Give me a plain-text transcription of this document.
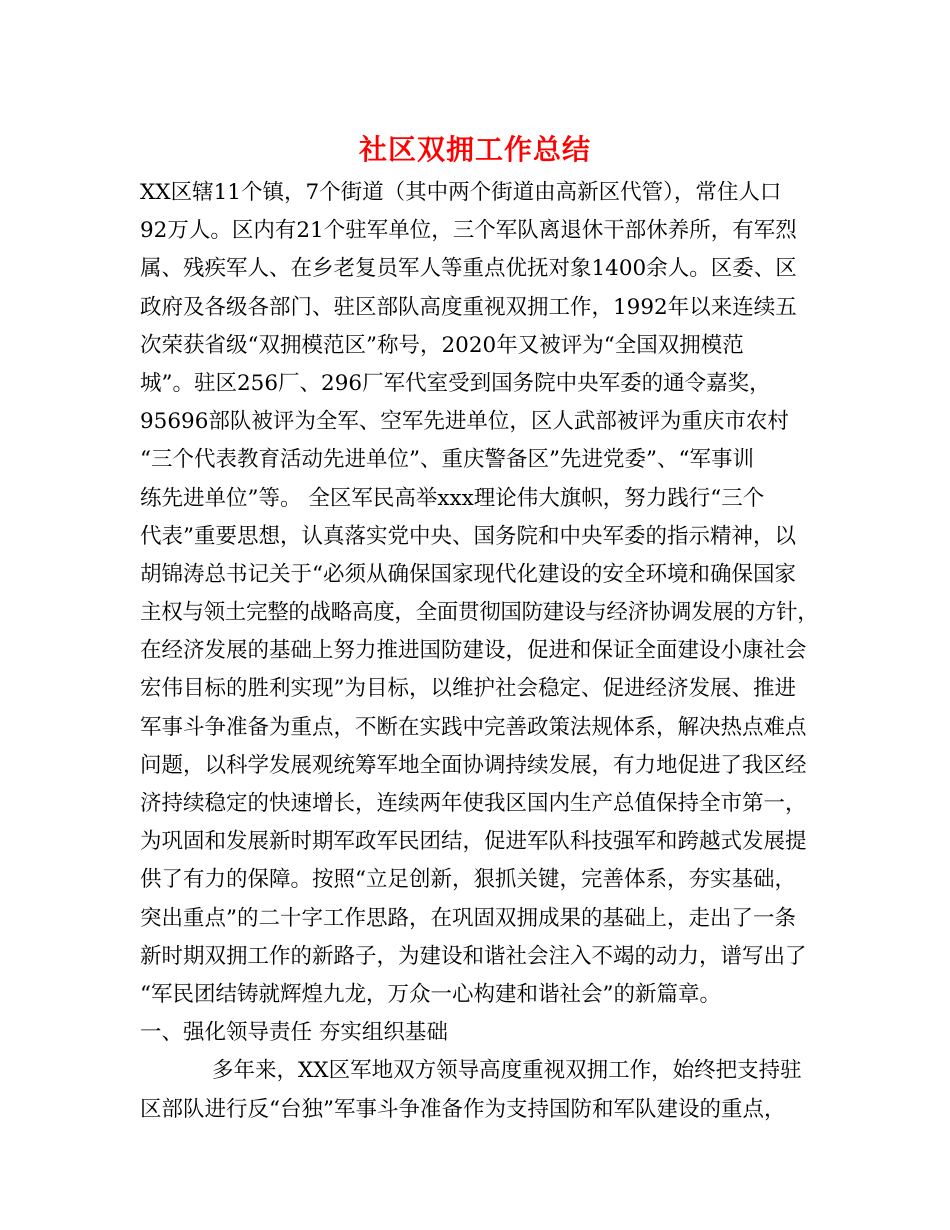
社区双拥工作总结
XX区辖11个镇，7个街道（其中两个街道由高新区代管），常住人口
92万人。区内有21个驻军单位，三个军队离退休干部休养所，有军烈
属、残疾军人、在乡老复员军人等重点优抚对象1400余人。区委、区
政府及各级各部门、驻区部队高度重视双拥工作，1992年以来连续五
次荣获省级“双拥模范区”称号，2020年又被评为“全国双拥模范
城”。驻区256厂、296厂军代室受到国务院中央军委的通令嘉奖，
95696部队被评为全军、空军先进单位，区人武部被评为重庆市农村
“三个代表教育活动先进单位”、重庆警备区”先进党委”、“军事训
练先进单位”等。 全区军民高举xxx理论伟大旗帜，努力践行“三个
代表”重要思想，认真落实党中央、国务院和中央军委的指示精神，以
胡锦涛总书记关于“必须从确保国家现代化建设的安全环境和确保国家
主权与领土完整的战略高度，全面贯彻国防建设与经济协调发展的方针，
在经济发展的基础上努力推进国防建设，促进和保证全面建设小康社会
宏伟目标的胜利实现”为目标，以维护社会稳定、促进经济发展、推进
军事斗争准备为重点，不断在实践中完善政策法规体系，解决热点难点
问题，以科学发展观统筹军地全面协调持续发展，有力地促进了我区经
济持续稳定的快速增长，连续两年使我区国内生产总值保持全市第一，
为巩固和发展新时期军政军民团结，促进军队科技强军和跨越式发展提
供了有力的保障。按照“立足创新，狠抓关键，完善体系，夯实基础，
突出重点”的二十字工作思路，在巩固双拥成果的基础上，走出了一条
新时期双拥工作的新路子，为建设和谐社会注入不竭的动力，谱写出了
“军民团结铸就辉煌九龙，万众一心构建和谐社会”的新篇章。
一、强化领导责任 夯实组织基础
多年来，XX区军地双方领导高度重视双拥工作，始终把支持驻
区部队进行反“台独”军事斗争准备作为支持国防和军队建设的重点，
